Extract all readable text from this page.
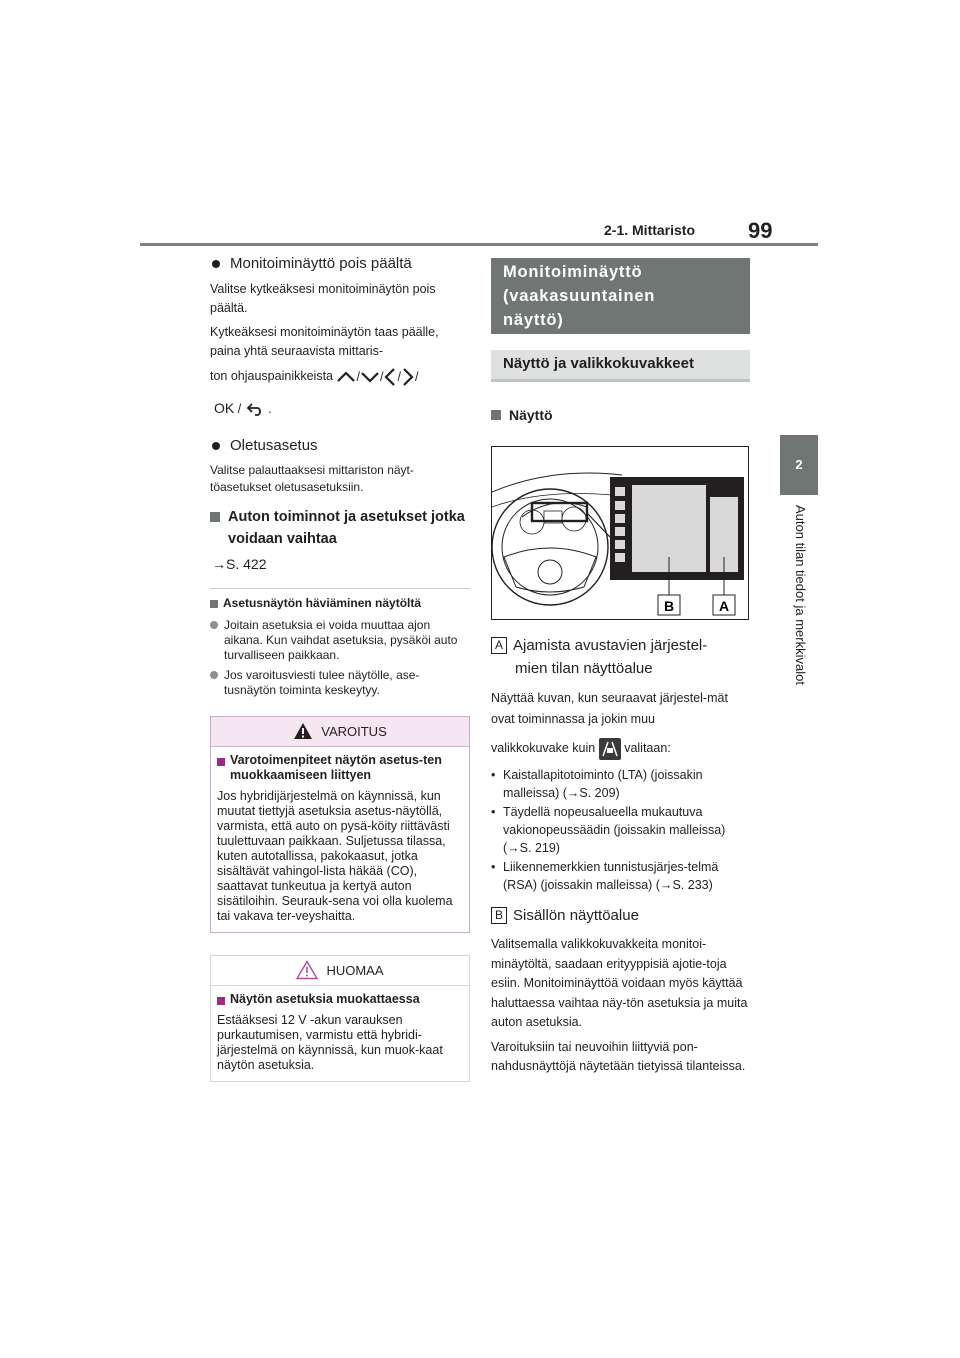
99
2-1. Mittaristo
2
Auton tilan tiedot ja merkkivalot
Monitoiminäyttö pois päältä

Valitse kytkeäksesi monitoiminäytön pois päältä.

Kytkeäksesi monitoiminäytön taas päälle, paina yhtä seuraavista mittaris-

ton ohjauspainikkeista / / / /

OK / .

Oletusasetus

Valitse palauttaaksesi mittariston näyt-töasetukset oletusasetuksiin.

Auton toiminnot ja asetukset jotka voidaan vaihtaa
→S. 422
Asetusnäytön häviäminen näytöltä
Joitain asetuksia ei voida muuttaa ajon aikana. Kun vaihdat asetuksia, pysäköi auto turvalliseen paikkaan.
Jos varoitusviesti tulee näytölle, ase-tusnäytön toiminta keskeytyy.
VAROITUS
Varotoimenpiteet näytön asetus-ten muokkaamiseen liittyen

Jos hybridijärjestelmä on käynnissä, kun muutat tiettyjä asetuksia asetus-näytöllä, varmista, että auto on pysä-köity riittävästi tuulettuvaan paikkaan. Suljetussa tilassa, kuten autotallissa, pakokaasut, jotka sisältävät vahingol-lista häkää (CO), saattavat tunkeutua ja kertyä auton sisätiloihin. Seurauk-sena voi olla kuolema tai vakava ter-veyshaitta.

HUOMAA
Näytön asetuksia muokattaessa

Estääksesi 12 V -akun varauksen purkautumisen, varmistu että hybridi-järjestelmä on käynnissä, kun muok-kaat näytön asetuksia.

Monitoiminäyttö
(vaakasuuntainen
näyttö)
Näyttö ja valikkokuvakkeet
Näyttö
B	A
A Ajamista avustavien järjestel-
mien tilan näyttöalue

Näyttää kuvan, kun seuraavat järjestel-mät ovat toiminnassa ja jokin muu

valikkokuvake kuin valitaan:

• Kaistallapitotoiminto (LTA) (joissakin malleissa) (→S. 209)
• Täydellä nopeusalueella mukautuva vakionopeussäädin (joissakin malleissa) (→S. 219)
• Liikennemerkkien tunnistusjärjes-telmä (RSA) (joissakin malleissa) (→S. 233)
B Sisällön näyttöalue

Valitsemalla valikkokuvakkeita monitoi-minäytöltä, saadaan erityyppisiä ajotie-toja esiin. Monitoiminäyttöä voidaan myös käyttää haluttaessa vaihtaa näy-tön asetuksia ja muita auton asetuksia.

Varoituksiin tai neuvoihin liittyviä pon-nahdusnäyttöjä näytetään tietyissä tilanteissa.
